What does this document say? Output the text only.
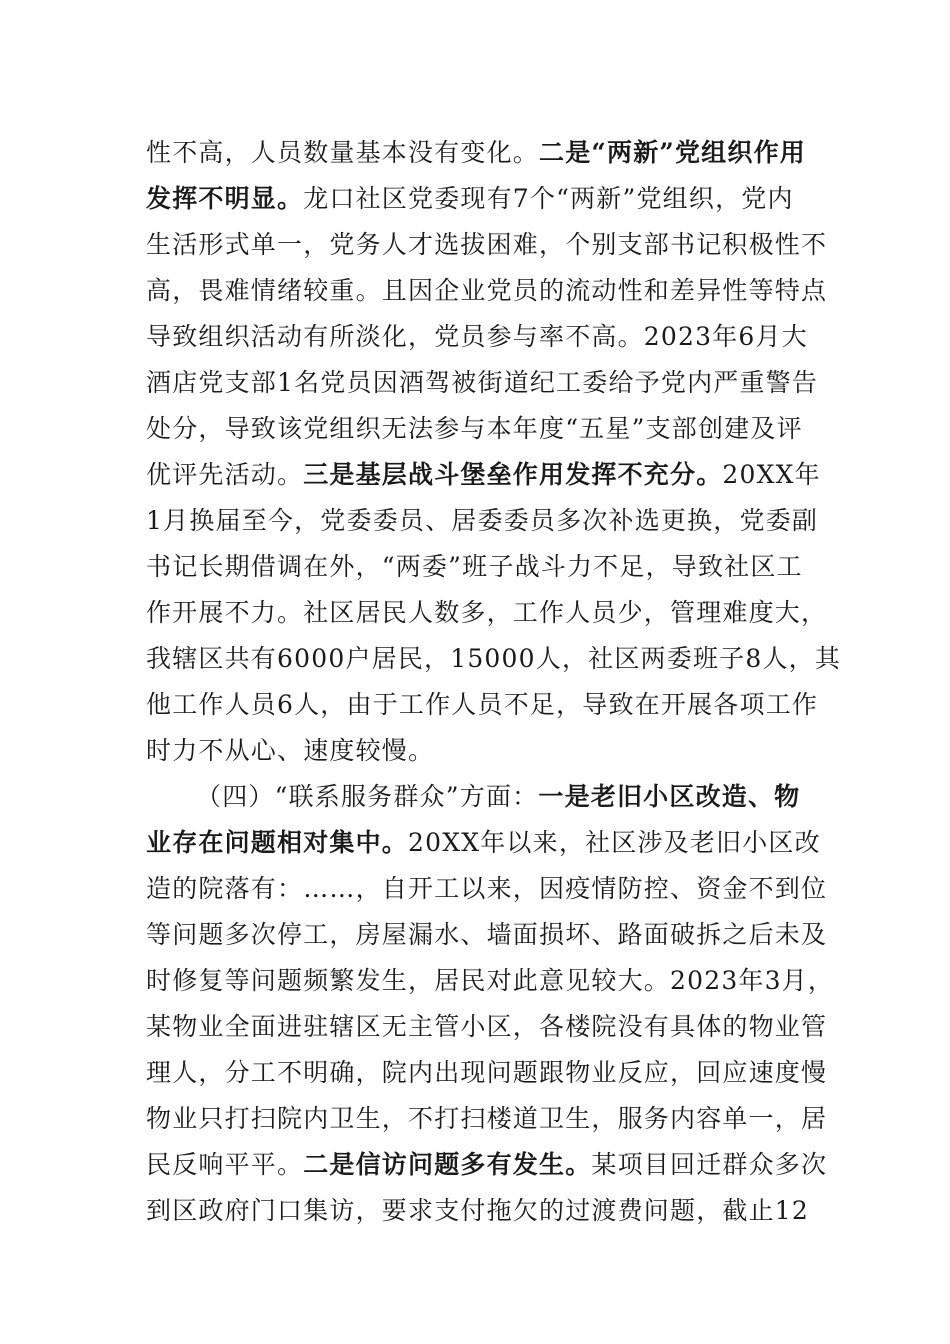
性不高，人员数量基本没有变化。二是“两新”党组织作用
发挥不明显。龙口社区党委现有7个“两新”党组织，党内
生活形式单一，党务人才选拔困难，个别支部书记积极性不
高，畏难情绪较重。且因企业党员的流动性和差异性等特点
导致组织活动有所淡化，党员参与率不高。2023年6月大
酒店党支部1名党员因酒驾被街道纪工委给予党内严重警告
处分，导致该党组织无法参与本年度“五星”支部创建及评
优评先活动。三是基层战斗堡垒作用发挥不充分。20XX年
1月换届至今，党委委员、居委委员多次补选更换，党委副
书记长期借调在外，“两委”班子战斗力不足，导致社区工
作开展不力。社区居民人数多，工作人员少，管理难度大，
我辖区共有6000户居民，15000人，社区两委班子8人，其
他工作人员6人，由于工作人员不足，导致在开展各项工作
时力不从心、速度较慢。
（四）“联系服务群众”方面：一是老旧小区改造、物
业存在问题相对集中。20XX年以来，社区涉及老旧小区改
造的院落有：……，自开工以来，因疫情防控、资金不到位
等问题多次停工，房屋漏水、墙面损坏、路面破拆之后未及
时修复等问题频繁发生，居民对此意见较大。2023年3月，
某物业全面进驻辖区无主管小区，各楼院没有具体的物业管
理人，分工不明确，院内出现问题跟物业反应，回应速度慢
物业只打扫院内卫生，不打扫楼道卫生，服务内容单一，居
民反响平平。二是信访问题多有发生。某项目回迁群众多次
到区政府门口集访，要求支付拖欠的过渡费问题，截止12
